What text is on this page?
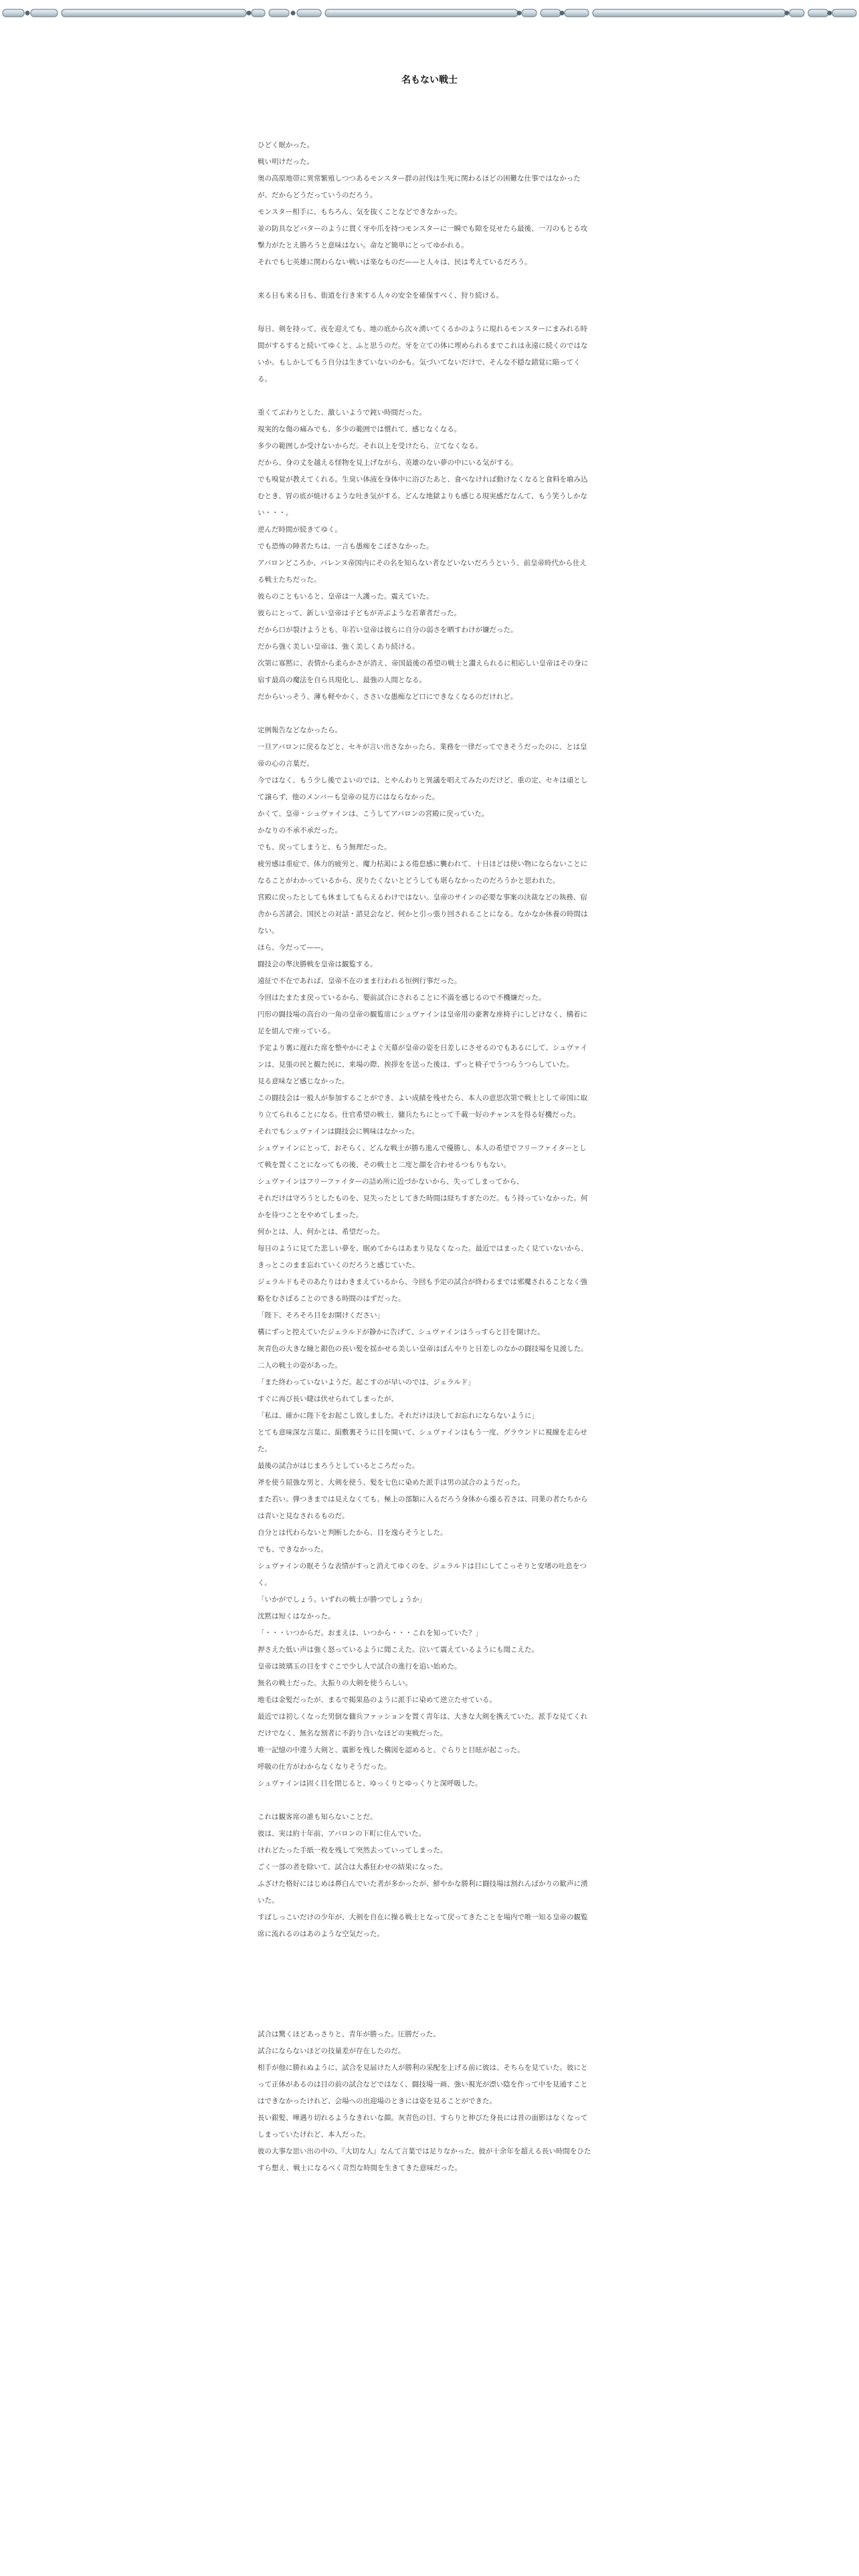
名もない戦士

ひどく眠かった。

戦い明けだった。

奥の高原地帯に異常繁殖しつつあるモンスター群の討伐は生死に関わるほどの困難な仕事ではなかったが、だからどうだっていうのだろう。

モンスター相手に、もちろん、気を抜くことなどできなかった。

並の防具などバターのように貫く牙や爪を持つモンスターに一瞬でも隙を見せたら最後、一刀のもとる攻撃力がたとえ勝ろうと意味はない。命など簡単にとってゆかれる。

それでも七英雄に関わらない戦いは楽なものだ——と人々は、民は考えているだろう。

来る日も来る日も、街道を行き来する人々の安全を確保すべく、狩り続ける。

毎日、剣を持って、夜を迎えても、地の底から次々湧いてくるかのように現れるモンスターにまみれる時間がするすると続いてゆくと、ふと思うのだ。牙を立ての体に埋められるまでこれは永遠に続くのではないか。もしかしてもう自分は生きていないのかも。気づいてないだけで、そんな不穏な錯覚に陥ってくる。

重くてぶわりとした、激しいようで鈍い時間だった。

現実的な傷の痛みでも、多少の範囲では慣れて、感じなくなる。

多少の範囲しか受けないからだ。それ以上を受けたら、立てなくなる。

だから、身の丈を越える怪物を見上げながら、英雄のない夢の中にいる気がする。

でも嗅覚が教えてくれる。生臭い体液を身体中に浴びたあと、食べなければ動けなくなると食料を喰み込むとき、胃の底が焼けるような吐き気がする。どんな地獄よりも感じる現実感だなんて、もう笑うしかない・・・。

逆んだ時間が続きてゆく。

でも恐怖の陣者たちは、一言も愚痴をこぼさなかった。

アバロンどころか、バレンヌ帝国内にその名を知らない者などいないだろうという、前皇帝時代から仕える戦士たちだった。

彼らのこともいると、皇帝は一人護った。震えていた。

彼らにとって、新しい皇帝は子どもが弄ぶような若輩者だった。

だから口が裂けようとも、年若い皇帝は彼らに自分の弱さを晒すわけが嫌だった。

だから強く美しい皇帝は、強く美しくあり続ける。

次第に寡黙に、表情から柔らかさが消え、帝国最後の希望の戦士と讃えられるに相応しい皇帝はその身に宿す最高の魔法を自ら具現化し、最強の人間となる。

だからいっそう、薄も軽やかく、ささいな愚痴など口にできなくなるのだけれど。

定例報告などなかったら。

一旦アバロンに戻るなどと、セキが言い出さなかったら、業務を一律だってできそうだったのに、とは皇帝の心の言葉だ。

今ではなく、もう少し後でよいのでは、とやんわりと異議を唱えてみたのだけど、重の定、セキは頑として譲らず、他のメンバーも皇帝の見方にはならなかった。

かくて、皇帝・シュヴァインは、こうしてアバロンの宮殿に戻っていた。

かなりの不承不承だった。

でも、戻ってしまうと、もう無理だった。

疲労感は重症で、体力的疲労と、魔力枯渇による倦怠感に襲われて、十日ほどは使い物にならないことになることがわかっているから、戻りたくないとどうしても堪らなかったのだろうかと思われた。

宮殿に戻ったとしても休ましてもらえるわけではない。皇帝のサインの必要な事案の決裁などの執務、宿舎から苦諸会、国民との対話・諮見会など、何かと引っ張り回されることになる。なかなか休養の時間はない。

ほら、今だって——。

闘技会の準決勝戦を皇帝は観覧する。

遠征で不在であれば、皇帝不在のまま行われる恒例行事だった。

今回はたまたま戻っているから、嬰前試合にされることに不満を感じるので不機嫌だった。

円形の闘技場の高台の一角の皇帝の観覧席にシュヴァインは皇帝用の豪奢な座椅子にしどけなく、構着に足を組んで座っている。

予定より裏に遅れた席を整やかにそよぐ天幕が皇帝の姿を日差しにさせるのでもあるにして、シュヴァインは、見張の民と観た民に、来場の際、挨拶をを送った後は、ずっと椅子でうつらうつらしていた。

見る意味など感じなかった。

この闘技会は一般人が参加することができ、よい成績を残せたら、本人の意思次第で戦士として帝国に取り立てられることになる。仕官希望の戦士、傭兵たちにとって千載一好のチャンスを得る好機だった。

それでもシュヴァインは闘技会に興味はなかった。

シュヴァインにとって、おそらく、どんな戦士が勝ち進んで優勝し、本人の希望でフリーファイターとして戦を置くことになってもの後、その戦士と二度と顔を合わせるつもりもない。

シュヴァインはフリーファイターの詰め所に近づかないから、失ってしまってから、

それだけは守ろうとしたものを、見失ったとしてきた時間は経ちすぎたのだ。もう持っていなかった。何かを待つことをやめてしまった。

何かとは、人、何かとは、希望だった。

毎日のように見てた悲しい夢を、眠めてからはあまり見なくなった。最近ではまったく見ていないから、きっとこのまま忘れていくのだろうと感じていた。

ジェラルドもそのあたりはわきまえているから、今回も予定の試合が終わるまでは邪魔されることなく強略をむさぼることのできる時間のはずだった。

「陛下、そろそろ目をお開けください」

構にずっと控えていたジェラルドが静かに告げて、シュヴァインはうっすらと目を開けた。

灰青色の大きな瞳と銀色の長い髪を揺かせる美しい皇帝はぼんやりと日差しのなかの闘技場を見渡した。二人の戦士の姿があった。

「また終わっていないようだ。起こすのが早いのでは、ジェラルド」

すぐに再び長い睫は伏せられてしまったが、

「私は、確かに陛下をお起こし致しました。それだけは決してお忘れにならないように」

とても意味深な言葉に、絹敷裏そうに目を開いて、シュヴァインはもう一度、グラウンドに視線を走らせた。

最後の試合がはじまろうとしているところだった。

斧を使う屈強な男と、大剣を使う、髪を七色に染めた派手は男の試合のようだった。

また若い。弾つきまでは見えなくても、極上の部類に入るだろう身体から漲る若さは、同業の者たちからは青いと見なされるものだ。

自分とは代わらないと判断したから、目を逸らそうとした。

でも、できなかった。

シュヴァインの眠そうな表情がすっと消えてゆくのを、ジェラルドは目にしてこっそりと安堵の吐息をつく。

「いかがでしょう。いずれの戦士が勝つでしょうか」

沈黙は短くはなかった。

「・・・いつからだ。おまえは、いつから・・・これを知っていた？」

押さえた低い声は強く怒っているように聞こえた。泣いて震えているようにも聞こえた。

皇帝は玻璃玉の目をすぐこで少し人で試合の進行を追い始めた。

無名の戦士だった。大振りの大剣を使うらしい。

地毛は金髪だったが、まるで掲果島のように派手に染めて逆立たせている。

最近では初しくなった男倒な傭兵ファッションを置く青年は、大きな大剣を携えていた。派手な見てくれだけでなく、無名な割者に不釣り合いなほどの実戦だった。

唯一記憶の中違う大剣と、震影を残した構図を認めると、ぐらりと目眩が起こった。

呼吸の仕方がわからなくなりそうだった。

シュヴァインは固く目を閉じると、ゆっくりとゆっくりと深呼吸した。

これは観客席の誰も知らないことだ。

彼は、実は約十年前、アバロンの下町に住んでいた。

けれどたった手紙一枚を残して突然去っていってしまった。

ごく一部の者を除いて、試合は大番狂わせの結果になった。

ふざけた格好にはじめは鼻白んでいた者が多かったが、鮮やかな勝利に闘技場は割れんばかりの歓声に湧いた。

すばしっこいだけの少年が、大剣を自在に操る戦士となって戻ってきたことを場内で唯一知る皇帝の観覧席に流れるのはあのような空気だった。

試合は驚くほどあっさりと、青年が勝った。圧勝だった。

試合にならないほどの技量差が存在したのだ。

相手が他に勝れぬように、試合を見届けた人が勝利の采配を上げる前に彼は、そちらを見ていた。彼にとって正体があるのは目の前の試合などではなく、闘技場一画、強い視光が漂い陰を作って中を見通すことはできなかったけれど、会場への出迎場のときには姿を見ることができた。

長い銀髪、嘩遇り切れるようなきれいな顔。灰青色の目、すらりと伸びた身長には昔の面影はなくなってしまっていたけれど、本人だった。

彼の大事な思い出の中の、『大切な人』なんて言葉では足りなかった、彼が十余年を超える長い時間をひたすら想え、戦士になるべく苛烈な時間を生きてきた意味だった。
